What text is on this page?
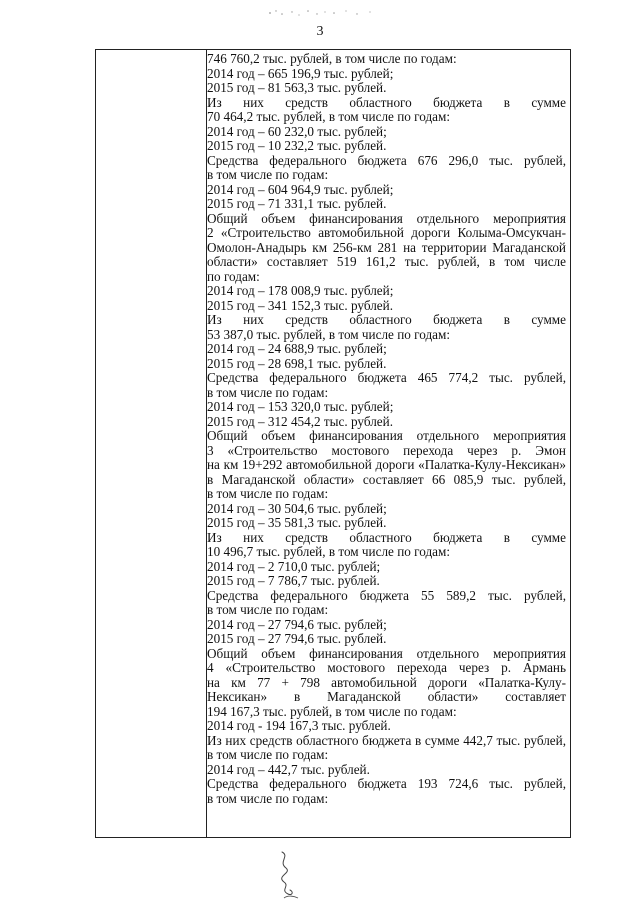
3
746 760,2 тыс. рублей, в том числе по годам:
2014 год – 665 196,9 тыс. рублей;
2015 год – 81 563,3 тыс. рублей.
Из них средств областного бюджета в сумме
70 464,2 тыс. рублей, в том числе по годам:
2014 год – 60 232,0 тыс. рублей;
2015 год – 10 232,2 тыс. рублей.
Средства федерального бюджета 676 296,0 тыс. рублей,
в том числе по годам:
2014 год – 604 964,9 тыс. рублей;
2015 год – 71 331,1 тыс. рублей.
Общий объем финансирования отдельного мероприятия
2 «Строительство автомобильной дороги Колыма-Омсукчан-
Омолон-Анадырь км 256-км 281 на территории Магаданской
области» составляет 519 161,2 тыс. рублей, в том числе
по годам:
2014 год – 178 008,9 тыс. рублей;
2015 год – 341 152,3 тыс. рублей.
Из них средств областного бюджета в сумме
53 387,0 тыс. рублей, в том числе по годам:
2014 год – 24 688,9 тыс. рублей;
2015 год – 28 698,1 тыс. рублей.
Средства федерального бюджета 465 774,2 тыс. рублей,
в том числе по годам:
2014 год – 153 320,0 тыс. рублей;
2015 год – 312 454,2 тыс. рублей.
Общий объем финансирования отдельного мероприятия
3 «Строительство мостового перехода через р. Эмон
на км 19+292 автомобильной дороги «Палатка-Кулу-Нексикан»
в Магаданской области» составляет 66 085,9 тыс. рублей,
в том числе по годам:
2014 год – 30 504,6 тыс. рублей;
2015 год – 35 581,3 тыс. рублей.
Из них средств областного бюджета в сумме
10 496,7 тыс. рублей, в том числе по годам:
2014 год – 2 710,0 тыс. рублей;
2015 год – 7 786,7 тыс. рублей.
Средства федерального бюджета 55 589,2 тыс. рублей,
в том числе по годам:
2014 год – 27 794,6 тыс. рублей;
2015 год – 27 794,6 тыс. рублей.
Общий объем финансирования отдельного мероприятия
4 «Строительство мостового перехода через р. Армань
на км 77 + 798 автомобильной дороги «Палатка-Кулу-
Нексикан» в Магаданской области» составляет
194 167,3 тыс. рублей, в том числе по годам:
2014 год - 194 167,3 тыс. рублей.
Из них средств областного бюджета в сумме 442,7 тыс. рублей,
в том числе по годам:
2014 год – 442,7 тыс. рублей.
Средства федерального бюджета 193 724,6 тыс. рублей,
в том числе по годам:
